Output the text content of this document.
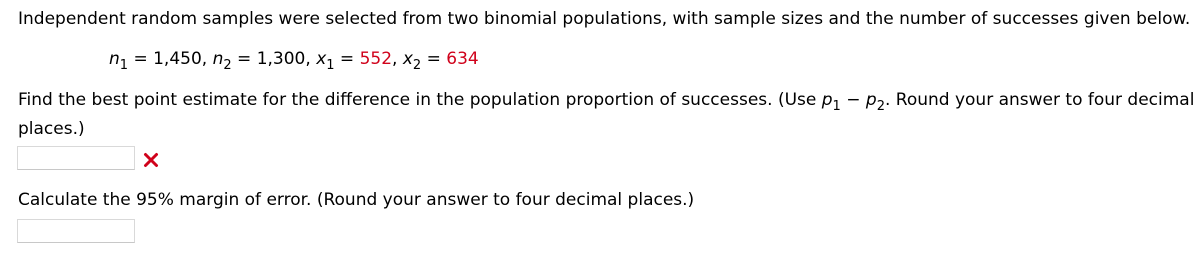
Independent random samples were selected from two binomial populations, with sample sizes and the number of successes given below.
$n_1 = 1,450$, $n_2 = 1,300$, $x_1 = 552$, $x_2 = 634$
Find the best point estimate for the difference in the population proportion of successes. (Use $p_1 - p_2$. Round your answer to four decimal
places.)
Calculate the 95% margin of error. (Round your answer to four decimal places.)
